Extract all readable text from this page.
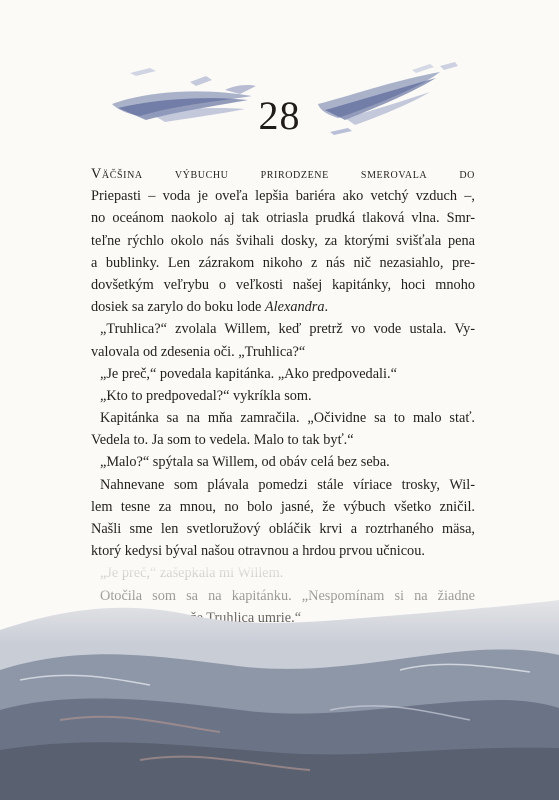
28
Väčšina výbuchu prirodzene smerovala do
Priepasti – voda je oveľa lepšia bariéra ako vetchý vzduch –,
no oceánom naokolo aj tak otriasla prudká tlaková vlna. Smr-
teľne rýchlo okolo nás švihali dosky, za ktorými svišťala pena
a bublinky. Len zázrakom nikoho z nás nič nezasiahlo, pre-
dovšetkým veľrybu o veľkosti našej kapitánky, hoci mnoho
dosiek sa zarylo do boku lode Alexandra.
„Truhlica?“ zvolala Willem, keď pretrž vo vode ustala. Vy-
valovala od zdesenia oči. „Truhlica?“
„Je preč,“ povedala kapitánka. „Ako predpovedali.“
„Kto to predpovedal?“ vykríkla som.
Kapitánka sa na mňa zamračila. „Očividne sa to malo stať.
Vedela to. Ja som to vedela. Malo to tak byť.“
„Malo?“ spýtala sa Willem, od obáv celá bez seba.
Nahnevane som plávala pomedzi stále víriace trosky, Wil-
lem tesne za mnou, no bolo jasné, že výbuch všetko zničil.
Našli sme len svetloružový obláčik krvi a roztrhaného mäsa,
ktorý kedysi býval našou otravnou a hrdou prvou učnicou.
